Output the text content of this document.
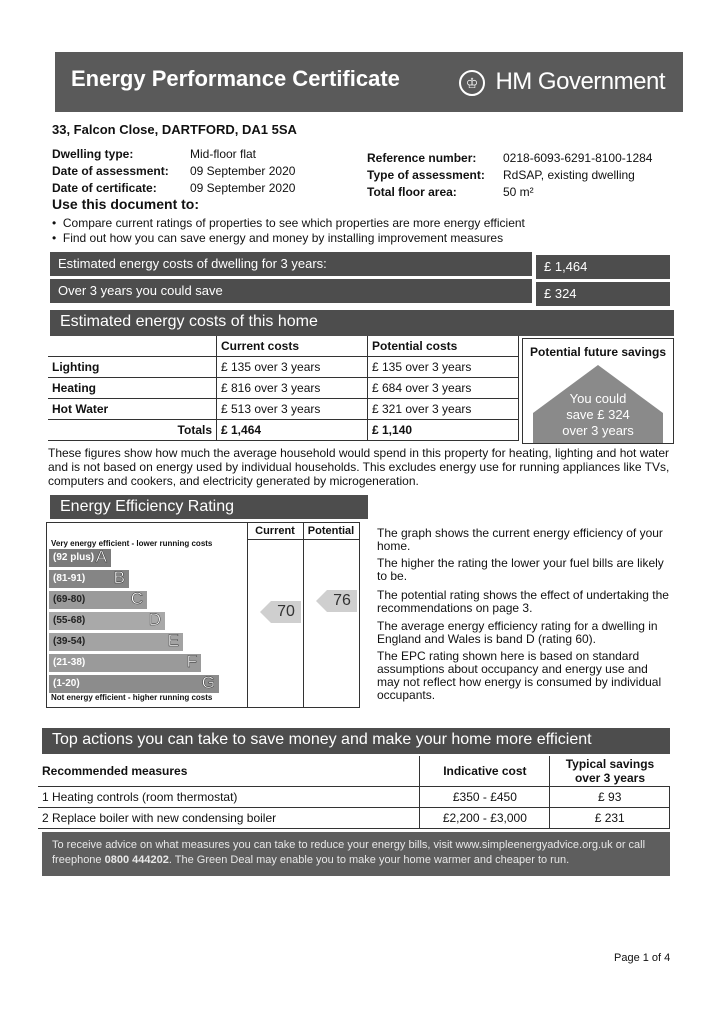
Energy Performance Certificate	♔ HM Government
33, Falcon Close, DARTFORD, DA1 5SA
Dwelling type:	Mid-floor flat
Date of assessment: 09 September 2020
Date of certificate:	09 September 2020
Reference number: 0218-6093-6291-8100-1284
Type of assessment: RdSAP, existing dwelling
Total floor area:	50 m²
Use this document to:
•  Compare current ratings of properties to see which properties are more energy efficient
•  Find out how you can save energy and money by installing improvement measures
Estimated energy costs of dwelling for 3 years:	£ 1,464
Over 3 years you could save	£ 324
Estimated energy costs of this home
	Current costs	Potential costs
Lighting	£ 135 over 3 years	£ 135 over 3 years
Heating	£ 816 over 3 years	£ 684 over 3 years
Hot Water	£ 513 over 3 years	£ 321 over 3 years
Totals	£ 1,464	£ 1,140
Potential future savings
You could
save £ 324
over 3 years
These figures show how much the average household would spend in this property for heating, lighting and hot water and is not based on energy used by individual households. This excludes energy use for running appliances like TVs, computers and cookers, and electricity generated by microgeneration.
Energy Efficiency Rating
Current	Potential
Very energy efficient - lower running costs
Not energy efficient - higher running costs
(92 plus) A
(81-91) B
(69-80)	C
(55-68)	D
(39-54)	E
(21-38)	F
(1-20)	G
70
76
The graph shows the current energy efficiency of your home.
The higher the rating the lower your fuel bills are likely to be.
The potential rating shows the effect of undertaking the recommendations on page 3.
The average energy efficiency rating for a dwelling in England and Wales is band D (rating 60).
The EPC rating shown here is based on standard assumptions about occupancy and energy use and may not reflect how energy is consumed by individual occupants.
Top actions you can take to save money and make your home more efficient
Recommended measures	Indicative cost	Typical savings over 3 years
1 Heating controls (room thermostat)	£350 - £450	£ 93
2 Replace boiler with new condensing boiler	£2,200 - £3,000	£ 231
To receive advice on what measures you can take to reduce your energy bills, visit www.simpleenergyadvice.org.uk or call freephone 0800 444202. The Green Deal may enable you to make your home warmer and cheaper to run.
Page 1 of 4
